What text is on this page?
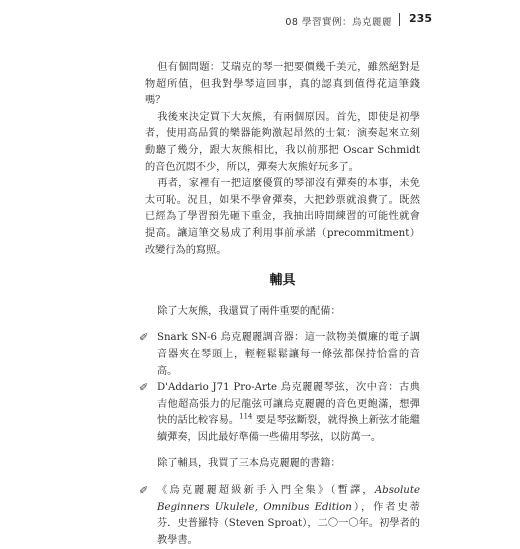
08 學習實例：烏克麗麗 235

但有個問題：艾瑞克的琴一把要價幾千美元，雖然絕對是物超所值，但我對學琴這回事，真的認真到值得花這筆錢嗎？

我後來決定買下大灰熊，有兩個原因。首先，即使是初學者，使用高品質的樂器能夠激起昂然的士氣：演奏起來立刻動聽了幾分，跟大灰熊相比，我以前那把 Oscar Schmidt 的音色沉悶不少，所以，彈奏大灰熊好玩多了。

再者，家裡有一把這麼優質的琴卻沒有彈奏的本事，未免太可恥。況且，如果不學會彈奏，大把鈔票就浪費了。既然已經為了學習預先砸下重金，我抽出時間練習的可能性就會提高。讓這筆交易成了利用事前承諾（precommitment）改變行為的寫照。

輔具

除了大灰熊，我還買了兩件重要的配備：

✐ Snark SN-6 烏克麗麗調音器：這一款物美價廉的電子調音器夾在琴頭上，輕輕鬆鬆讓每一條弦都保持恰當的音高。
✐ D'Addario J71 Pro-Arte 烏克麗麗琴弦，次中音：古典吉他超高張力的尼龍弦可讓烏克麗麗的音色更飽滿，想彈快的話比較容易。$^{114}$ 要是琴弦斷裂，就得換上新弦才能繼續彈奏，因此最好準備一些備用琴弦，以防萬一。

除了輔具，我買了三本烏克麗麗的書籍：

✐ 《烏克麗麗超級新手入門全集》（暫譯，Absolute Beginners Ukulele, Omnibus Edition），作者史蒂芬．史普羅特（Steven Sproat），二〇一〇年。初學者的教學書。
